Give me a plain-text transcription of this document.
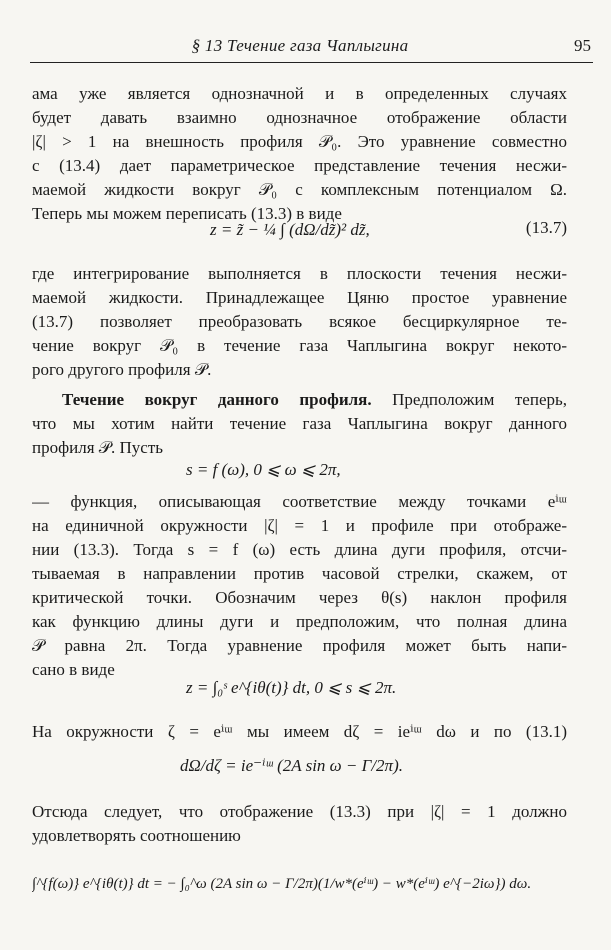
§ 13 Течение газа Чаплыгина	95
ама уже является однозначной и в определенных случаях
будет давать взаимно однозначное отображение области
|ζ| > 1 на внешность профиля 𝒫₀. Это уравнение совместно
с (13.4) дает параметрическое представление течения несжи-
маемой жидкости вокруг 𝒫₀ с комплексным потенциалом Ω.
Теперь мы можем переписать (13.3) в виде
z = z̃ − ¼ ∫ (dΩ/dz̃)² dz̃,	(13.7)
где интегрирование выполняется в плоскости течения несжи-
маемой жидкости. Принадлежащее Цяню простое уравнение
(13.7) позволяет преобразовать всякое бесциркулярное те-
чение вокруг 𝒫₀ в течение газа Чаплыгина вокруг некото-
рого другого профиля 𝒫.
Течение вокруг данного профиля. Предположим теперь,
что мы хотим найти течение газа Чаплыгина вокруг данного
профиля 𝒫. Пусть
s = f (ω), 0 ⩽ ω ⩽ 2π,
— функция, описывающая соответствие между точками eⁱᵚ
на единичной окружности |ζ| = 1 и профиле при отображе-
нии (13.3). Тогда s = f (ω) есть длина дуги профиля, отсчи-
тываемая в направлении против часовой стрелки, скажем, от
критической точки. Обозначим через θ(s) наклон профиля
как функцию длины дуги и предположим, что полная длина
𝒫 равна 2π. Тогда уравнение профиля может быть напи-
сано в виде
z = ∫₀ˢ e^{iθ(t)} dt, 0 ⩽ s ⩽ 2π.
На окружности ζ = eⁱᵚ мы имеем dζ = ieⁱᵚ dω и по (13.1)
dΩ/dζ = ie⁻ⁱᵚ (2A sin ω − Γ/2π).
Отсюда следует, что отображение (13.3) при |ζ| = 1 должно
удовлетворять соотношению
∫^{f(ω)} e^{iθ(t)} dt = − ∫₀^ω (2A sin ω − Γ/2π)(1/w*(eⁱᵚ) − w*(eⁱᵚ) e^{−2iω}) dω.
